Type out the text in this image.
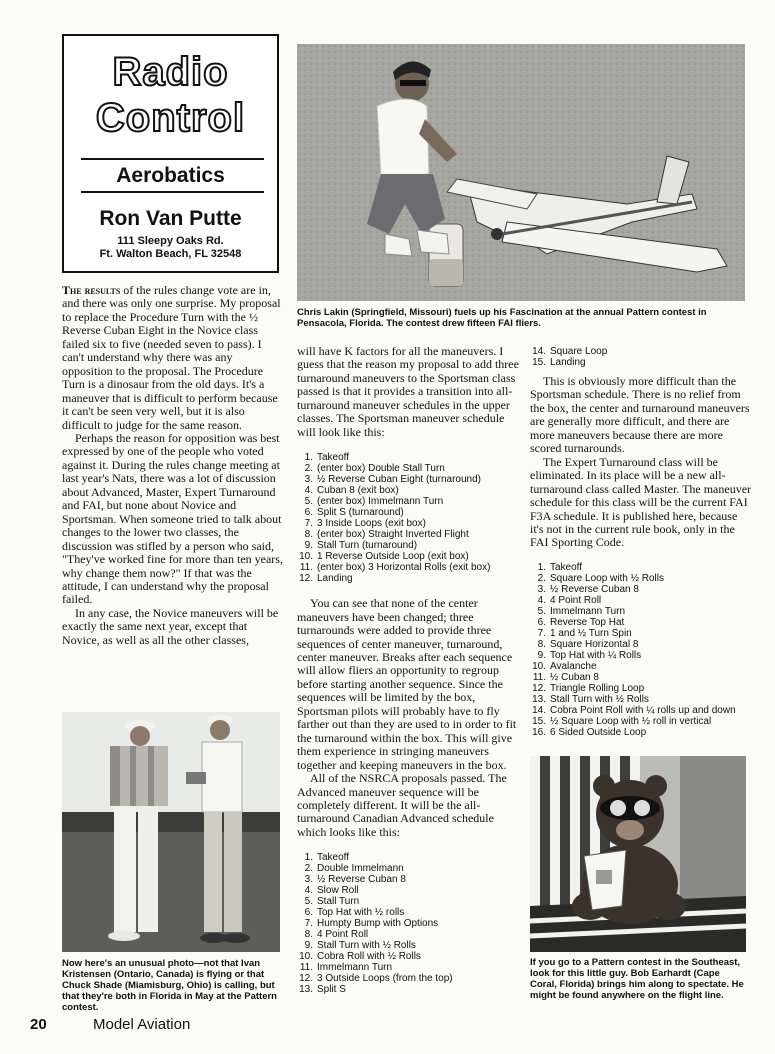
Radio
Control
Aerobatics
Ron Van Putte
111 Sleepy Oaks Rd.
Ft. Walton Beach, FL 32548
Chris Lakin (Springfield, Missouri) fuels up his Fascination at the annual Pattern contest in Pensacola, Florida. The contest drew fifteen FAI fliers.

The results of the rules change vote are in, and there was only one surprise. My proposal to replace the Procedure Turn with the ½ Reverse Cuban Eight in the Novice class failed six to five (needed seven to pass). I can't understand why there was any opposition to the proposal. The Procedure Turn is a dinosaur from the old days. It's a maneuver that is difficult to perform because it can't be seen very well, but it is also difficult to judge for the same reason.

Perhaps the reason for opposition was best expressed by one of the people who voted against it. During the rules change meeting at last year's Nats, there was a lot of discussion about Advanced, Master, Expert Turnaround and FAI, but none about Novice and Sportsman. When someone tried to talk about changes to the lower two classes, the discussion was stifled by a person who said, "They've worked fine for more than ten years, why change them now?" If that was the attitude, I can understand why the proposal failed.

In any case, the Novice maneuvers will be exactly the same next year, except that Novice, as well as all the other classes,

Now here's an unusual photo—not that Ivan Kristensen (Ontario, Canada) is flying or that Chuck Shade (Miamisburg, Ohio) is calling, but that they're both in Florida in May at the Pattern contest.

will have K factors for all the maneuvers. I guess that the reason my proposal to add three turnaround maneuvers to the Sportsman class passed is that it provides a transition into all-turnaround maneuver schedules in the upper classes. The Sportsman maneuver schedule will look like this:

1. Takeoff
2. (enter box) Double Stall Turn
3. ½ Reverse Cuban Eight (turnaround)
4. Cuban 8 (exit box)
5. (enter box) Immelmann Turn
6. Split S (turnaround)
7. 3 Inside Loops (exit box)
8. (enter box) Straight Inverted Flight
9. Stall Turn (turnaround)
10. 1 Reverse Outside Loop (exit box)
11. (enter box) 3 Horizontal Rolls (exit box)
12. Landing

You can see that none of the center maneuvers have been changed; three turnarounds were added to provide three sequences of center maneuver, turnaround, center maneuver. Breaks after each sequence will allow fliers an opportunity to regroup before starting another sequence. Since the sequences will be limited by the box, Sportsman pilots will probably have to fly farther out than they are used to in order to fit the turnaround within the box. This will give them experience in stringing maneuvers together and keeping maneuvers in the box.

All of the NSRCA proposals passed. The Advanced maneuver sequence will be completely different. It will be the all-turnaround Canadian Advanced schedule which looks like this:

1. Takeoff
2. Double Immelmann
3. ½ Reverse Cuban 8
4. Slow Roll
5. Stall Turn
6. Top Hat with ½ rolls
7. Humpty Bump with Options
8. 4 Point Roll
9. Stall Turn with ½ Rolls
10. Cobra Roll with ½ Rolls
11. Immelmann Turn
12. 3 Outside Loops (from the top)
13. Split S
14. Square Loop
15. Landing

This is obviously more difficult than the Sportsman schedule. There is no relief from the box, the center and turnaround maneuvers are generally more difficult, and there are more maneuvers because there are more scored turnarounds.

The Expert Turnaround class will be eliminated. In its place will be a new all-turnaround class called Master. The maneuver schedule for this class will be the current FAI F3A schedule. It is published here, because it's not in the current rule book, only in the FAI Sporting Code.

1. Takeoff
2. Square Loop with ½ Rolls
3. ½ Reverse Cuban 8
4. 4 Point Roll
5. Immelmann Turn
6. Reverse Top Hat
7. 1 and ½ Turn Spin
8. Square Horizontal 8
9. Top Hat with ¼ Rolls
10. Avalanche
11. ½ Cuban 8
12. Triangle Rolling Loop
13. Stall Turn with ½ Rolls
14. Cobra Point Roll with ¼ rolls up and down
15. ½ Square Loop with ½ roll in vertical
16. 6 Sided Outside Loop
If you go to a Pattern contest in the Southeast, look for this little guy. Bob Earhardt (Cape Coral, Florida) brings him along to spectate. He might be found anywhere on the flight line.
20	Model Aviation
